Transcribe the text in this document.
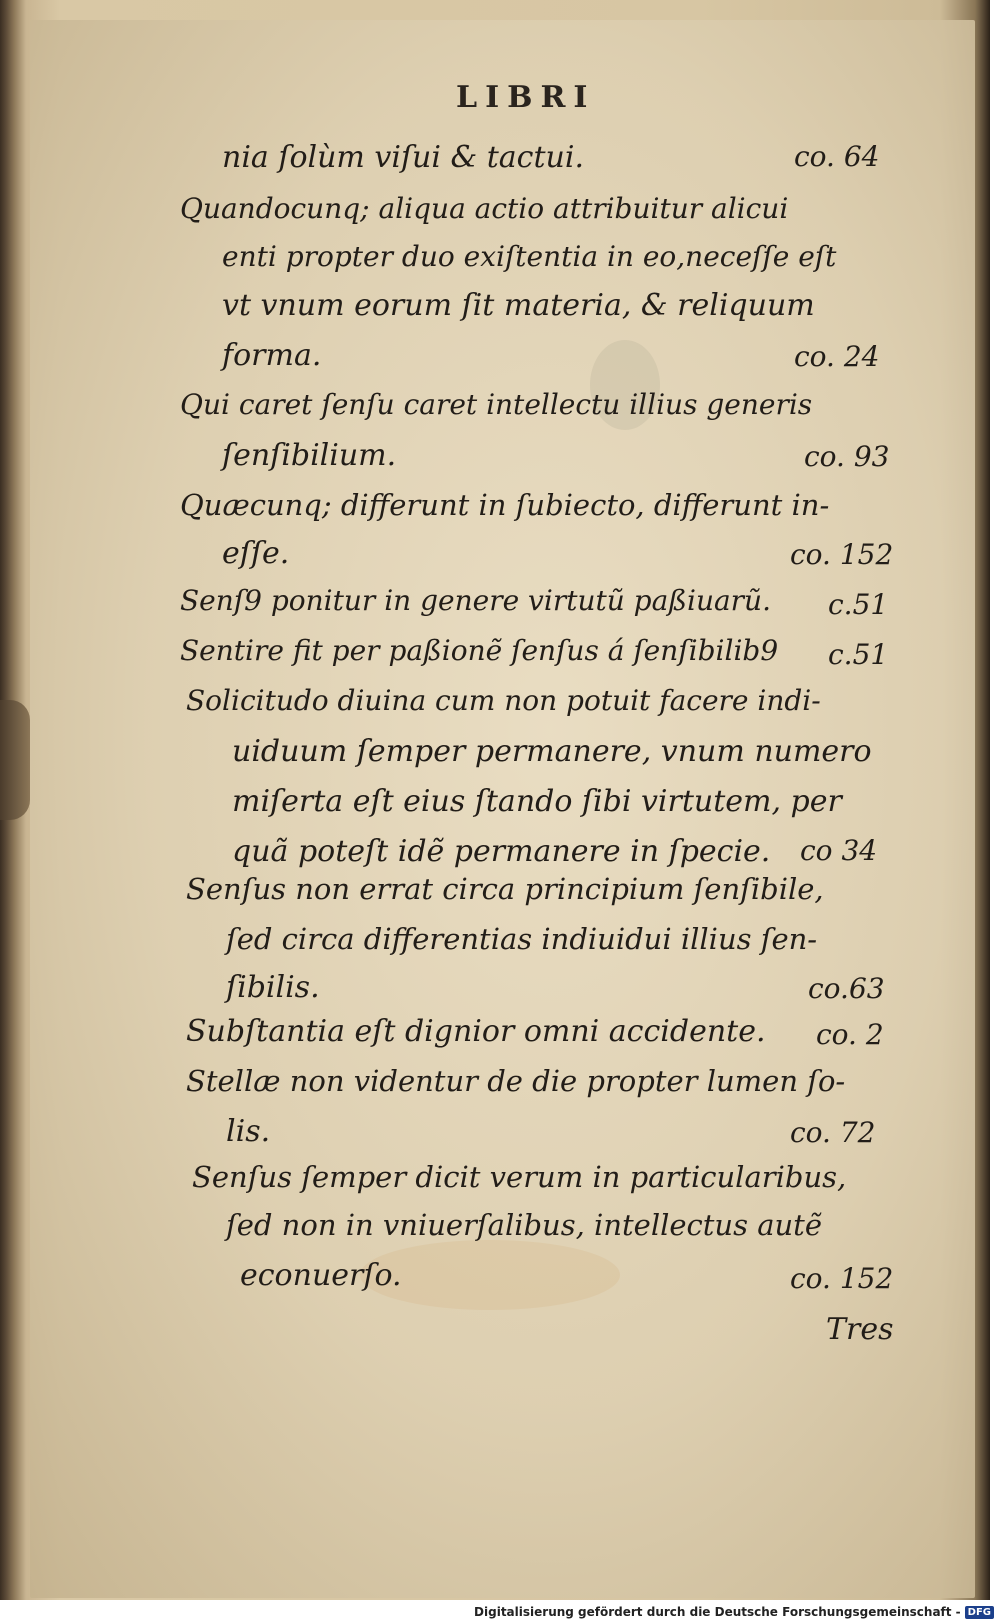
LIBRI
nia ſolùm viſui & tactui.
Quandocunq; aliqua actio attribuitur alicui
enti propter duo exiſtentia in eo,neceſſe eſt
vt vnum eorum ſit materia, & reliquum
forma.
Qui caret ſenſu caret intellectu illius generis
ſenſibilium.
Quæcunq; differunt in ſubiecto, differunt in-
eſſe.
Senſ9 ponitur in genere virtutũ paßiuarũ.
Sentire fit per paßionẽ ſenſus á ſenſibilib9
Solicitudo diuina cum non potuit facere indi-
uiduum ſemper permanere, vnum numero
miſerta eſt eius ſtando ſibi virtutem, per
quã poteſt idẽ permanere in ſpecie.
Senſus non errat circa principium ſenſibile,
ſed circa differentias indiuidui illius ſen-
ſibilis.
Subſtantia eſt dignior omni accidente.
Stellæ non videntur de die propter lumen ſo-
lis.
Senſus ſemper dicit verum in particularibus,
ſed non in vniuerſalibus, intellectus autẽ
econuerſo.
co. 64
co. 24
co. 93
co. 152
c.51
c.51
co 34
co.63
co. 2
co. 72
co. 152
Tres
Digitalisierung gefördert durch die Deutsche Forschungsgemeinschaft - DFG
